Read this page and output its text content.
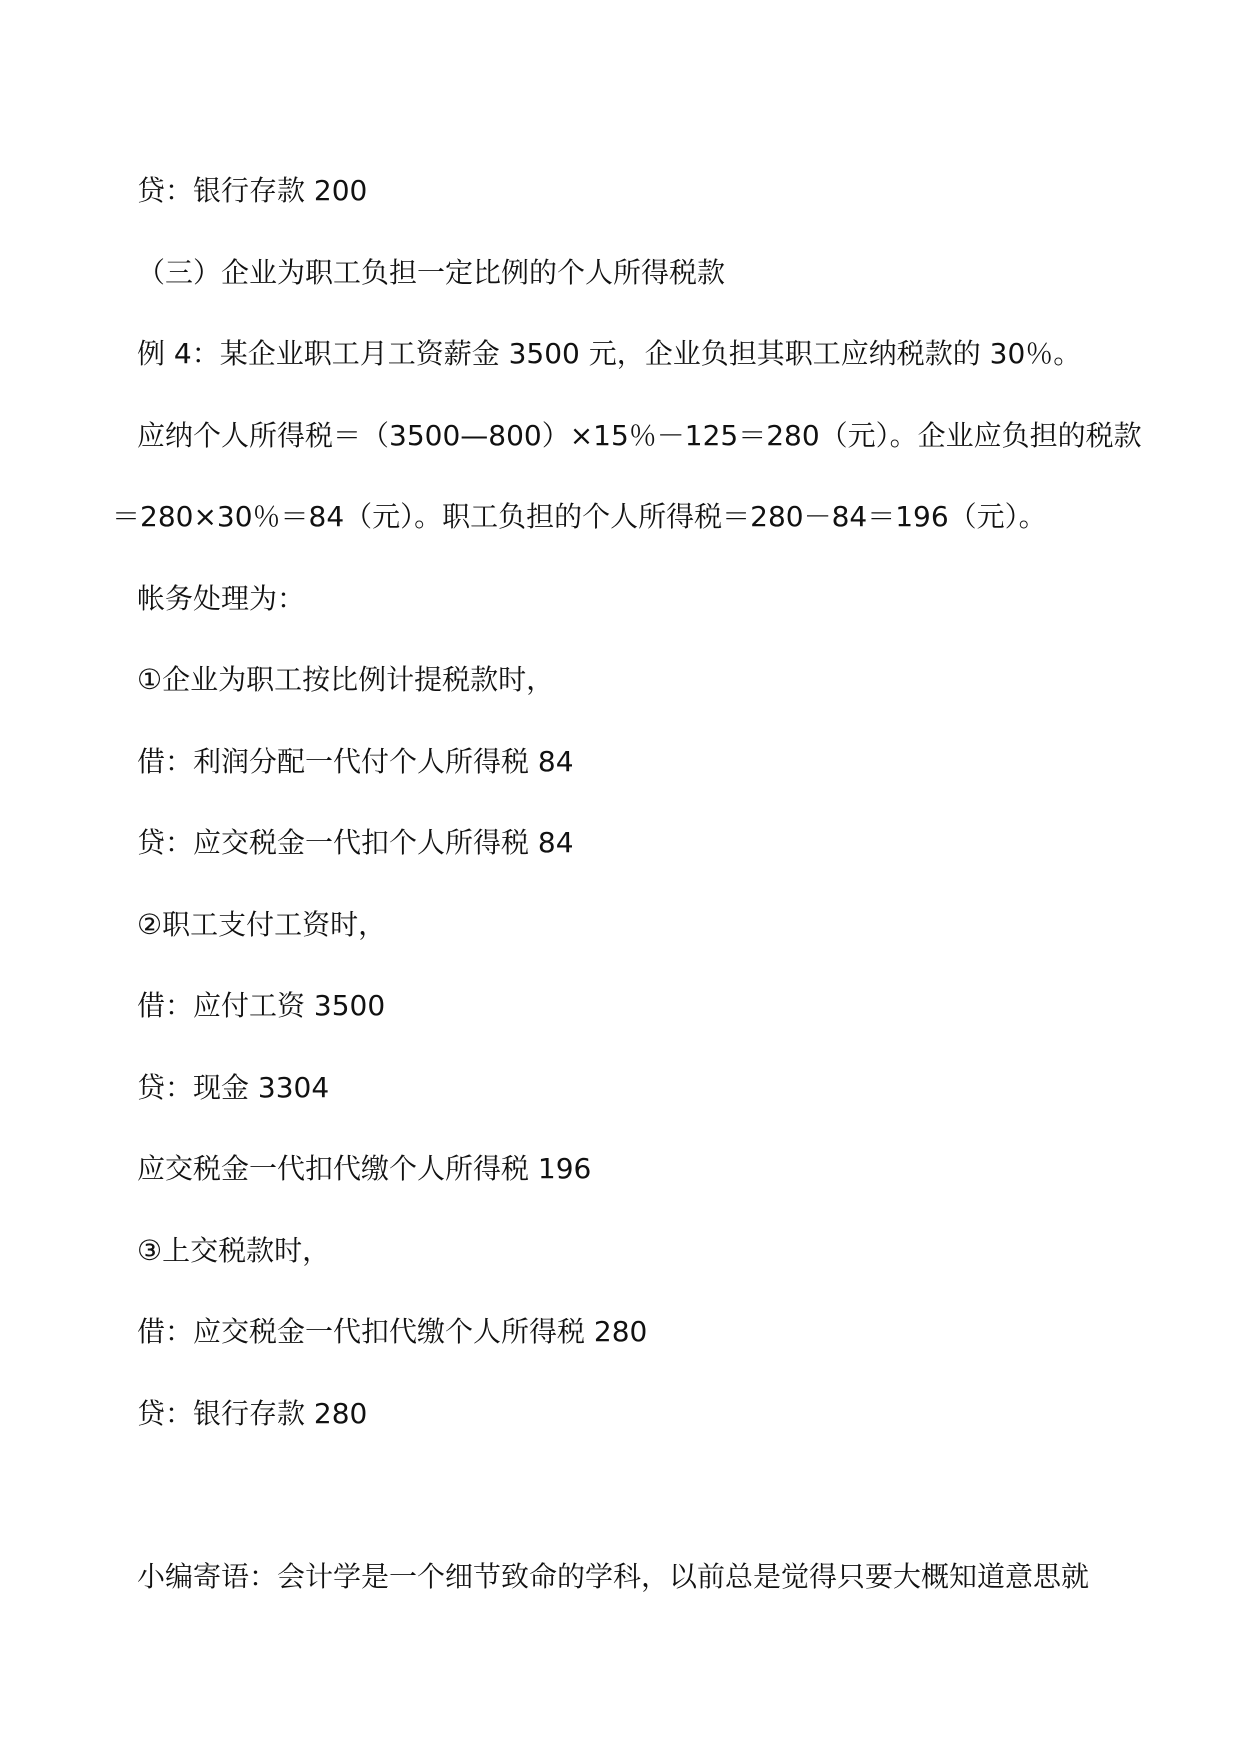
贷：银行存款 200
（三）企业为职工负担一定比例的个人所得税款
例 4：某企业职工月工资薪金 3500 元，企业负担其职工应纳税款的 30％。
应纳个人所得税＝（3500—800）×15％－125＝280（元）。企业应负担的税款
＝280×30％＝84（元）。职工负担的个人所得税＝280－84＝196（元）。
帐务处理为：
①企业为职工按比例计提税款时，
借：利润分配一代付个人所得税 84
贷：应交税金一代扣个人所得税 84
②职工支付工资时，
借：应付工资 3500
贷：现金 3304
应交税金一代扣代缴个人所得税 196
③上交税款时，
借：应交税金一代扣代缴个人所得税 280
贷：银行存款 280
小编寄语：会计学是一个细节致命的学科，以前总是觉得只要大概知道意思就
